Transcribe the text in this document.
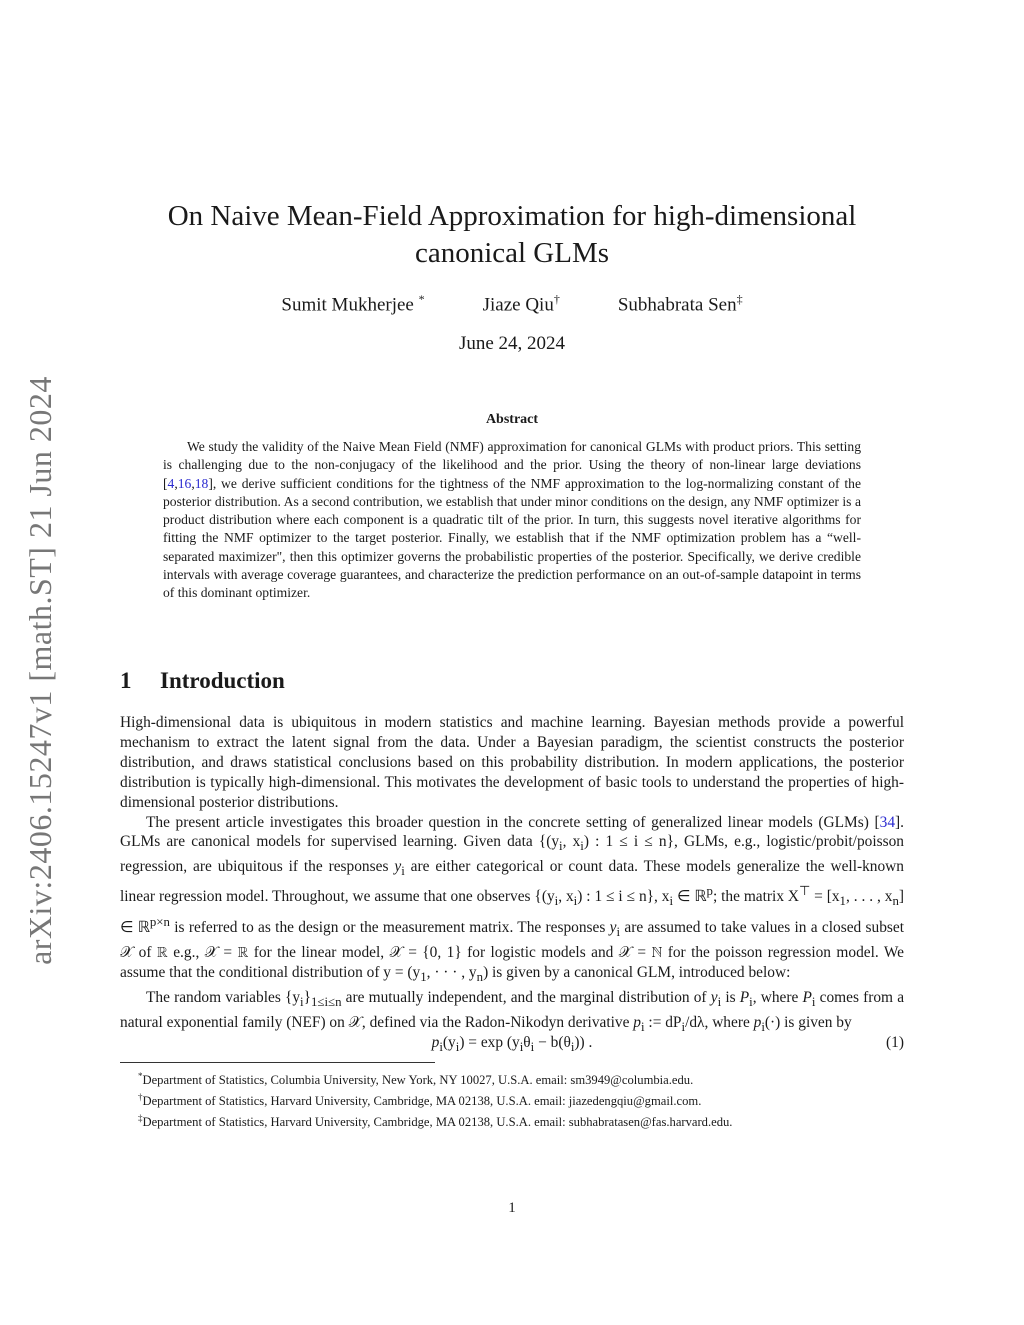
arXiv:2406.15247v1 [math.ST] 21 Jun 2024
On Naive Mean-Field Approximation for high-dimensional canonical GLMs
Sumit Mukherjee *	Jiaze Qiu†	Subhabrata Sen‡
June 24, 2024
Abstract

We study the validity of the Naive Mean Field (NMF) approximation for canonical GLMs with product priors. This setting is challenging due to the non-conjugacy of the likelihood and the prior. Using the theory of non-linear large deviations [4,16,18], we derive sufficient conditions for the tightness of the NMF approximation to the log-normalizing constant of the posterior distribution. As a second contribution, we establish that under minor conditions on the design, any NMF optimizer is a product distribution where each component is a quadratic tilt of the prior. In turn, this suggests novel iterative algorithms for fitting the NMF optimizer to the target posterior. Finally, we establish that if the NMF optimization problem has a “well-separated maximizer", then this optimizer governs the probabilistic properties of the posterior. Specifically, we derive credible intervals with average coverage guarantees, and characterize the prediction performance on an out-of-sample datapoint in terms of this dominant optimizer.

1 Introduction

High-dimensional data is ubiquitous in modern statistics and machine learning. Bayesian methods provide a powerful mechanism to extract the latent signal from the data. Under a Bayesian paradigm, the scientist constructs the posterior distribution, and draws statistical conclusions based on this probability distribution. In modern applications, the posterior distribution is typically high-dimensional. This motivates the development of basic tools to understand the properties of high-dimensional posterior distributions.

The present article investigates this broader question in the concrete setting of generalized linear models (GLMs) [34]. GLMs are canonical models for supervised learning. Given data {($y_i$, $x_i$) : 1 ≤ i ≤ n}, GLMs, e.g., logistic/probit/poisson regression, are ubiquitous if the responses $y_i$ are either categorical or count data. These models generalize the well-known linear regression model. Throughout, we assume that one observes {($y_i$, $x_i$) : 1 ≤ i ≤ n}, $x_i$ ∈ ℝ$^p$; the matrix $X^⊤ = [x_1$, . . . , $x_n$] ∈ ℝ$^{p\times n}$ is referred to as the design or the measurement matrix. The responses $y_i$ are assumed to take values in a closed subset 𝒳 of ℝ e.g., 𝒳 = ℝ for the linear model, 𝒳 = {0, 1} for logistic models and 𝒳 = ℕ for the poisson regression model. We assume that the conditional distribution of $y = (y_1$, · · · , $y_n$) is given by a canonical GLM, introduced below:

The random variables $\{y_i\}_{1\le i\le n}$ are mutually independent, and the marginal distribution of $y_i$ is $P_i$, where $P_i$ comes from a natural exponential family (NEF) on 𝒳, defined via the Radon-Nikodyn derivative $p_i$ := $dP_i/d\lambda$, where $p_i(\cdot)$ is given by

$p_i(y_i) = \exp (y_i\theta_i - b(\theta_i))$ .	(1)
*Department of Statistics, Columbia University, New York, NY 10027, U.S.A. email: sm3949@columbia.edu.
†Department of Statistics, Harvard University, Cambridge, MA 02138, U.S.A. email: jiazedengqiu@gmail.com.
‡Department of Statistics, Harvard University, Cambridge, MA 02138, U.S.A. email: subhabratasen@fas.harvard.edu.
1
